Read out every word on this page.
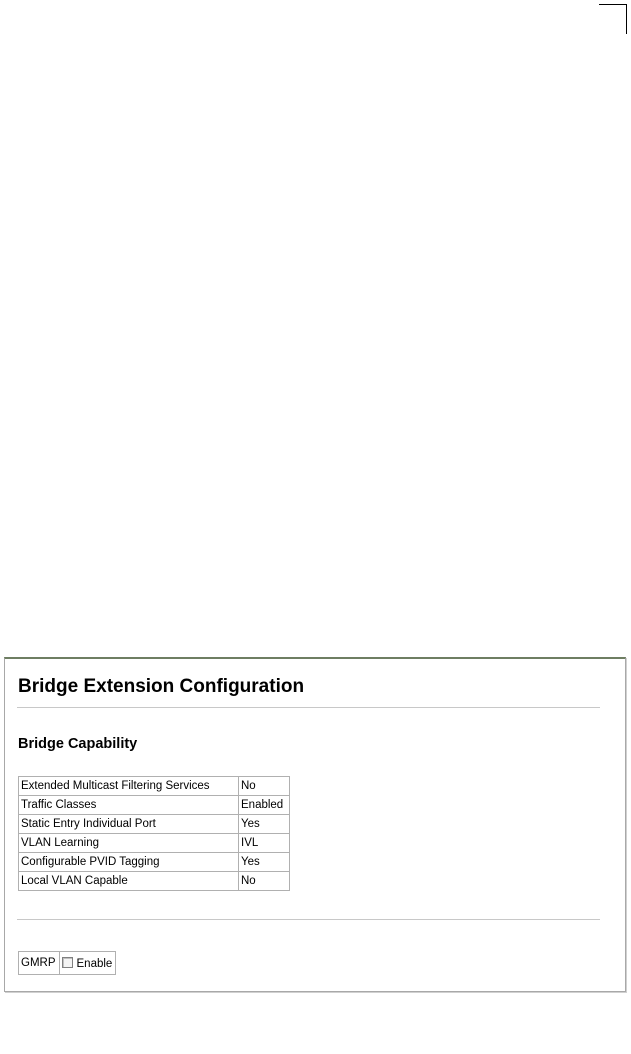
Bridge Extension Configuration
Bridge Capability
Extended Multicast Filtering Services	No
Traffic Classes	Enabled
Static Entry Individual Port	Yes
VLAN Learning	IVL
Configurable PVID Tagging	Yes
Local VLAN Capable	No
GMRP	Enable
